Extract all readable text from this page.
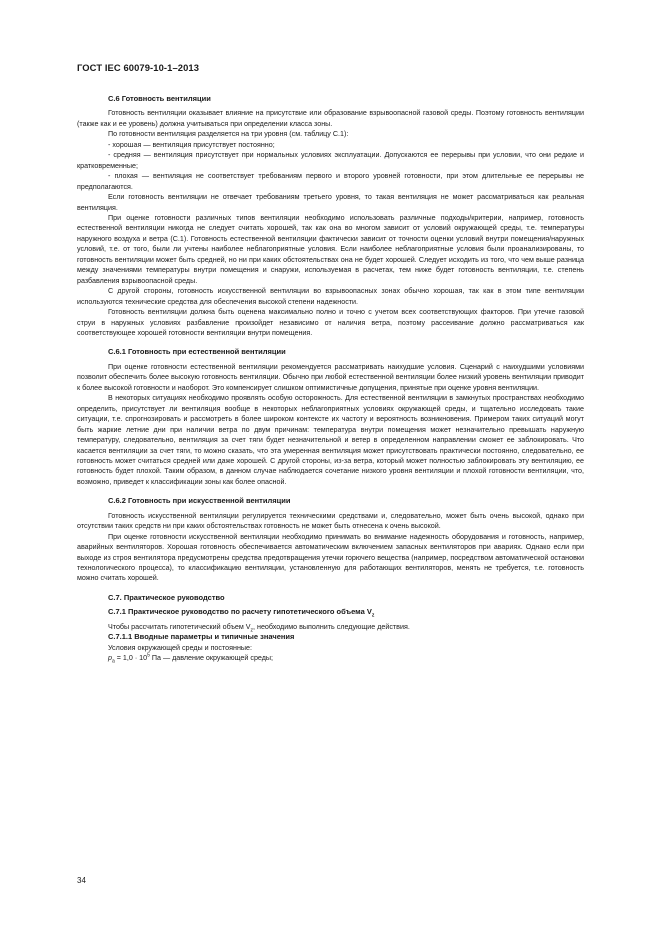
ГОСТ IEC 60079-10-1–2013
С.6 Готовность вентиляции

Готовность вентиляции оказывает влияние на присутствие или образование взрывоопасной газовой среды. Поэтому готовность вентиляции (также как и ее уровень) должна учитываться при определении класса зоны.

По готовности вентиляция разделяется на три уровня (см. таблицу С.1):

- хорошая — вентиляция присутствует постоянно;

- средняя — вентиляция присутствует при нормальных условиях эксплуатации. Допускаются ее перерывы при условии, что они редкие и кратковременные;

- плохая — вентиляция не соответствует требованиям первого и второго уровней готовности, при этом длительные ее перерывы не предполагаются.

Если готовность вентиляции не отвечает требованиям третьего уровня, то такая вентиляция не может рассматриваться как реальная вентиляция.

При оценке готовности различных типов вентиляции необходимо использовать различные подходы/критерии, например, готовность естественной вентиляции никогда не следует считать хорошей, так как она во многом зависит от условий окружающей среды, т.е. температуры наружного воздуха и ветра (С.1). Готовность естественной вентиляции фактически зависит от точности оценки условий внутри помещения/наружных условий, т.е. от того, были ли учтены наиболее неблагоприятные условия. Если наиболее неблагоприятные условия были проанализированы, то готовность вентиляции может быть средней, но ни при каких обстоятельствах она не будет хорошей. Следует исходить из того, что чем выше разница между значениями температуры внутри помещения и снаружи, используемая в расчетах, тем ниже будет готовность вентиляции, т.е. степень разбавления взрывоопасной среды.

С другой стороны, готовность искусственной вентиляции во взрывоопасных зонах обычно хорошая, так как в этом типе вентиляции используются технические средства для обеспечения высокой степени надежности.

Готовность вентиляции должна быть оценена максимально полно и точно с учетом всех соответствующих факторов. При утечке газовой струи в наружных условиях разбавление произойдет независимо от наличия ветра, поэтому рассеивание должно рассматриваться как соответствующее хорошей готовности вентиляции внутри помещения.

С.6.1 Готовность при естественной вентиляции

При оценке готовности естественной вентиляции рекомендуется рассматривать наихудшие условия. Сценарий с наихудшими условиями позволит обеспечить более высокую готовность вентиляции. Обычно при любой естественной вентиляции более низкий уровень вентиляции приводит к более высокой готовности и наоборот. Это компенсирует слишком оптимистичные допущения, принятые при оценке уровня вентиляции.

В некоторых ситуациях необходимо проявлять особую осторожность. Для естественной вентиляции в замкнутых пространствах необходимо определить, присутствует ли вентиляция вообще в некоторых неблагоприятных условиях окружающей среды, и тщательно исследовать такие ситуации, т.е. спрогнозировать и рассмотреть в более широком контексте их частоту и вероятность возникновения. Примером таких ситуаций могут быть жаркие летние дни при наличии ветра по двум причинам: температура внутри помещения может незначительно превышать наружную температуру, следовательно, вентиляция за счет тяги будет незначительной и ветер в определенном направлении сможет ее заблокировать. Что касается вентиляции за счет тяги, то можно сказать, что эта умеренная вентиляция может присутствовать практически постоянно, следовательно, ее готовность может считаться средней или даже хорошей. С другой стороны, из-за ветра, который может полностью заблокировать эту вентиляцию, ее готовность будет плохой. Таким образом, в данном случае наблюдается сочетание низкого уровня вентиляции и плохой готовности вентиляции, что, возможно, приведет к классификации зоны как более опасной.

С.6.2 Готовность при искусственной вентиляции

Готовность искусственной вентиляции регулируется техническими средствами и, следовательно, может быть очень высокой, однако при отсутствии таких средств ни при каких обстоятельствах готовность не может быть отнесена к очень высокой.

При оценке готовности искусственной вентиляции необходимо принимать во внимание надежность оборудования и готовность, например, аварийных вентиляторов. Хорошая готовность обеспечивается автоматическим включением запасных вентиляторов при авариях. Однако если при выходе из строя вентилятора предусмотрены средства предотвращения утечки горючего вещества (например, посредством автоматической остановки технологического процесса), то классификацию вентиляции, установленную для работающих вентиляторов, менять не требуется, т.е. готовность можно считать хорошей.

С.7. Практическое руководство
С.7.1 Практическое руководство по расчету гипотетического объема $V_z$

Чтобы рассчитать гипотетический объем $V_z$, необходимо выполнить следующие действия.

С.7.1.1 Вводные параметры и типичные значения

Условия окружающей среды и постоянные:

$p_a = 1,0 \cdot 10^5$ Па — давление окружающей среды;

34
